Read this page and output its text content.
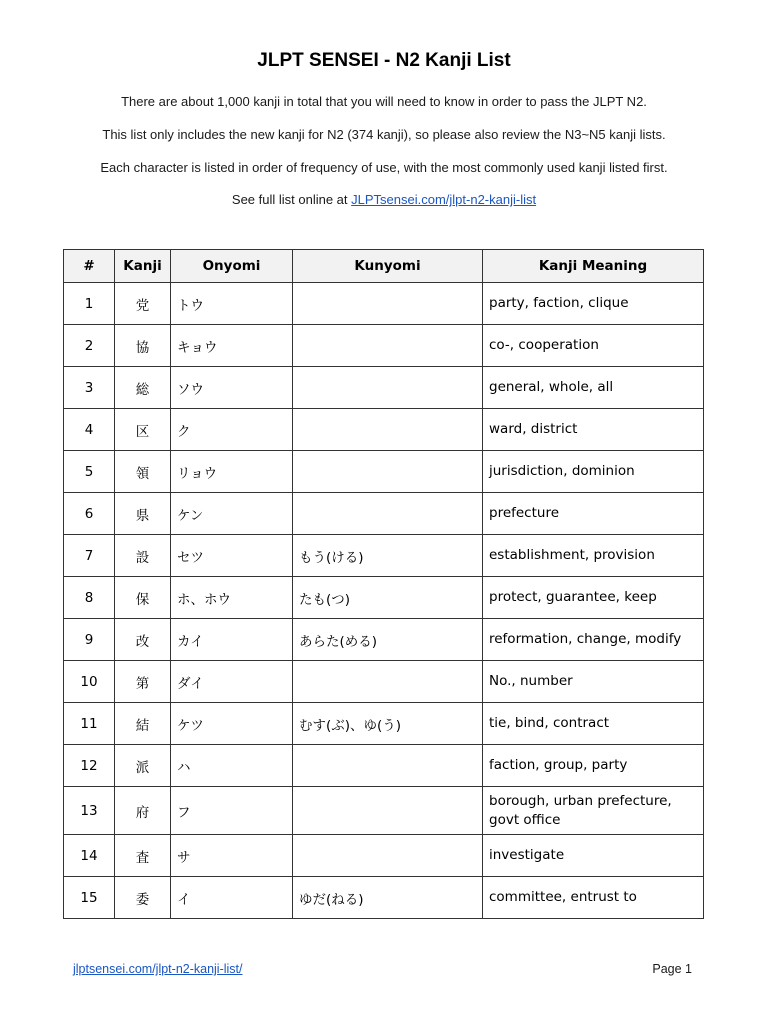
JLPT SENSEI - N2 Kanji List

There are about 1,000 kanji in total that you will need to know in order to pass the JLPT N2.

This list only includes the new kanji for N2 (374 kanji), so please also review the N3~N5 kanji lists.

Each character is listed in order of frequency of use, with the most commonly used kanji listed first.

See full list online at JLPTsensei.com/jlpt-n2-kanji-list

#	Kanji	Onyomi	Kunyomi	Kanji Meaning
1	党	トウ		party, faction, clique
2	協	キョウ		co-, cooperation
3	総	ソウ		general, whole, all
4	区	ク		ward, district
5	領	リョウ		jurisdiction, dominion
6	県	ケン		prefecture
7	設	セツ	もう(ける)	establishment, provision
8	保	ホ、ホウ	たも(つ)	protect, guarantee, keep
9	改	カイ	あらた(める)	reformation, change, modify
10	第	ダイ		No., number
11	結	ケツ	むす(ぶ)、ゆ(う)	tie, bind, contract
12	派	ハ		faction, group, party
13	府	フ		borough, urban prefecture, govt office
14	査	サ		investigate
15	委	イ	ゆだ(ねる)	committee, entrust to
jlptsensei.com/jlpt-n2-kanji-list/	Page 1
